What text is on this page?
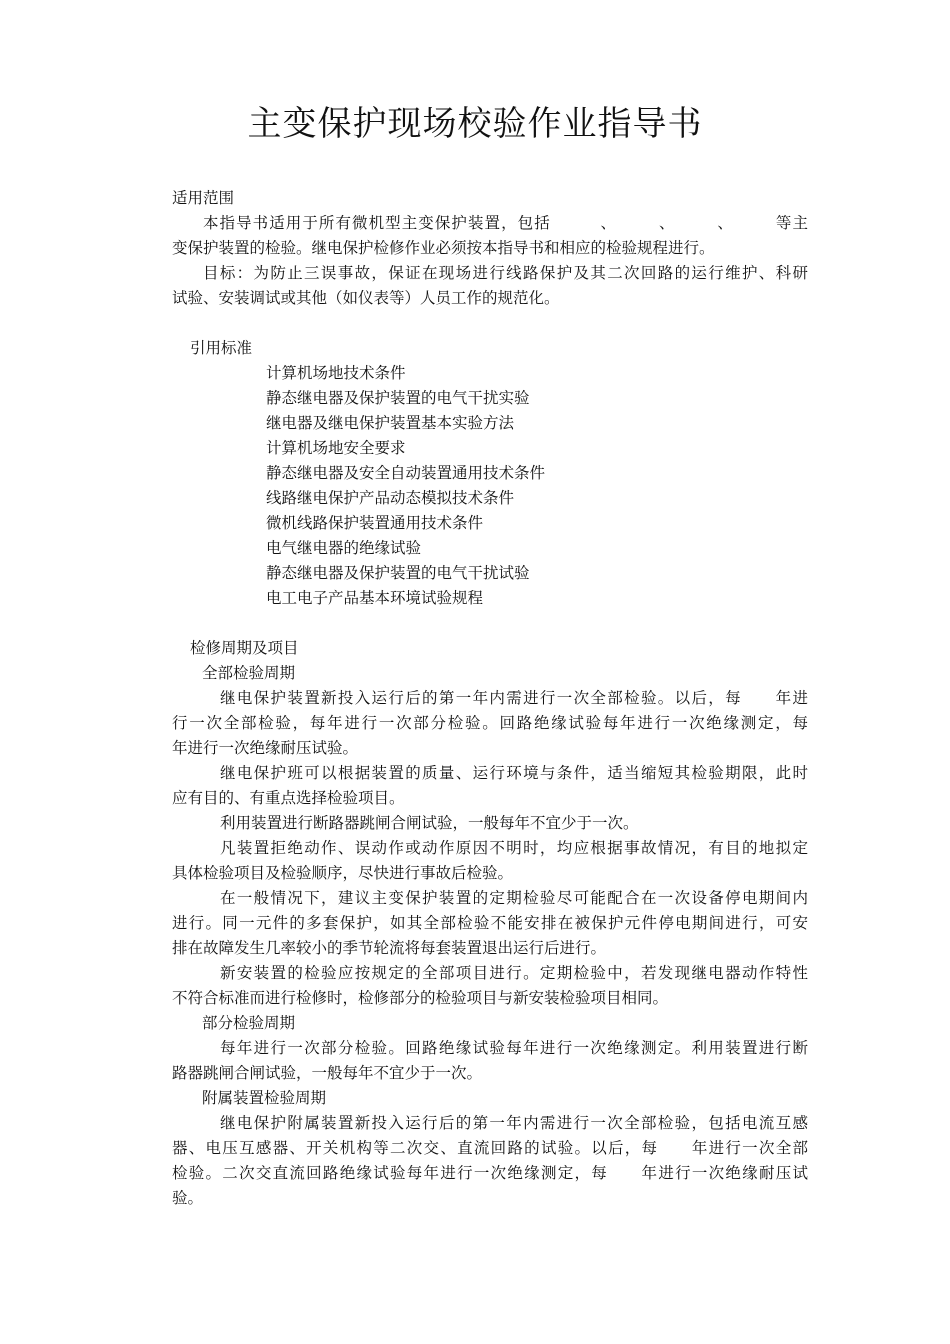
主变保护现场校验作业指导书
适用范围
本指导书适用于所有微机型主变保护装置，包括　　　、　　　、　　　、　　　等主
变保护装置的检验。继电保护检修作业必须按本指导书和相应的检验规程进行。
目标：为防止三误事故，保证在现场进行线路保护及其二次回路的运行维护、科研
试验、安装调试或其他（如仪表等）人员工作的规范化。
引用标准
计算机场地技术条件
静态继电器及保护装置的电气干扰实验
继电器及继电保护装置基本实验方法
计算机场地安全要求
静态继电器及安全自动装置通用技术条件
线路继电保护产品动态模拟技术条件
微机线路保护装置通用技术条件
电气继电器的绝缘试验
静态继电器及保护装置的电气干扰试验
电工电子产品基本环境试验规程
检修周期及项目
全部检验周期
继电保护装置新投入运行后的第一年内需进行一次全部检验。以后，每　　年进
行一次全部检验，每年进行一次部分检验。回路绝缘试验每年进行一次绝缘测定，每
年进行一次绝缘耐压试验。
继电保护班可以根据装置的质量、运行环境与条件，适当缩短其检验期限，此时
应有目的、有重点选择检验项目。
利用装置进行断路器跳闸合闸试验，一般每年不宜少于一次。
凡装置拒绝动作、误动作或动作原因不明时，均应根据事故情况，有目的地拟定
具体检验项目及检验顺序，尽快进行事故后检验。
在一般情况下，建议主变保护装置的定期检验尽可能配合在一次设备停电期间内
进行。同一元件的多套保护，如其全部检验不能安排在被保护元件停电期间进行，可安
排在故障发生几率较小的季节轮流将每套装置退出运行后进行。
新安装置的检验应按规定的全部项目进行。定期检验中，若发现继电器动作特性
不符合标准而进行检修时，检修部分的检验项目与新安装检验项目相同。
部分检验周期
每年进行一次部分检验。回路绝缘试验每年进行一次绝缘测定。利用装置进行断
路器跳闸合闸试验，一般每年不宜少于一次。
附属装置检验周期
继电保护附属装置新投入运行后的第一年内需进行一次全部检验，包括电流互感
器、电压互感器、开关机构等二次交、直流回路的试验。以后，每　　年进行一次全部
检验。二次交直流回路绝缘试验每年进行一次绝缘测定，每　　年进行一次绝缘耐压试
验。
